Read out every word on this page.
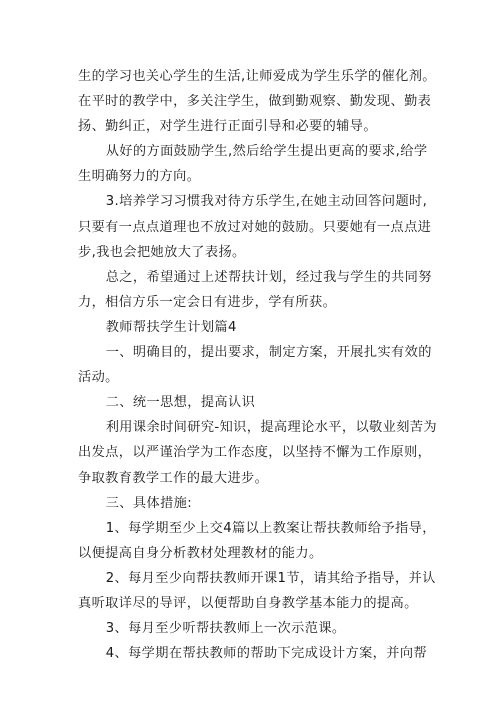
生的学习也关心学生的生活,让师爱成为学生乐学的催化剂。在平时的教学中，多关注学生，做到勤观察、勤发现、勤表扬、勤纠正，对学生进行正面引导和必要的辅导。

从好的方面鼓励学生,然后给学生提出更高的要求,给学生明确努力的方向。

3.培养学习习惯我对待方乐学生,在她主动回答问题时,只要有一点点道理也不放过对她的鼓励。只要她有一点点进步,我也会把她放大了表扬。

总之，希望通过上述帮扶计划，经过我与学生的共同努力，相信方乐一定会日有进步，学有所获。

教师帮扶学生计划篇4

一、明确目的，提出要求，制定方案，开展扎实有效的活动。

二、统一思想，提高认识

利用课余时间研究-知识，提高理论水平，以敬业刻苦为出发点，以严谨治学为工作态度，以坚持不懈为工作原则，争取教育教学工作的最大进步。

三、具体措施:

1、每学期至少上交4篇以上教案让帮扶教师给予指导，以便提高自身分析教材处理教材的能力。

2、每月至少向帮扶教师开课1节，请其给予指导，并认真听取详尽的导评，以便帮助自身教学基本能力的提高。

3、每月至少听帮扶教师上一次示范课。

4、每学期在帮扶教师的帮助下完成设计方案，并向帮
